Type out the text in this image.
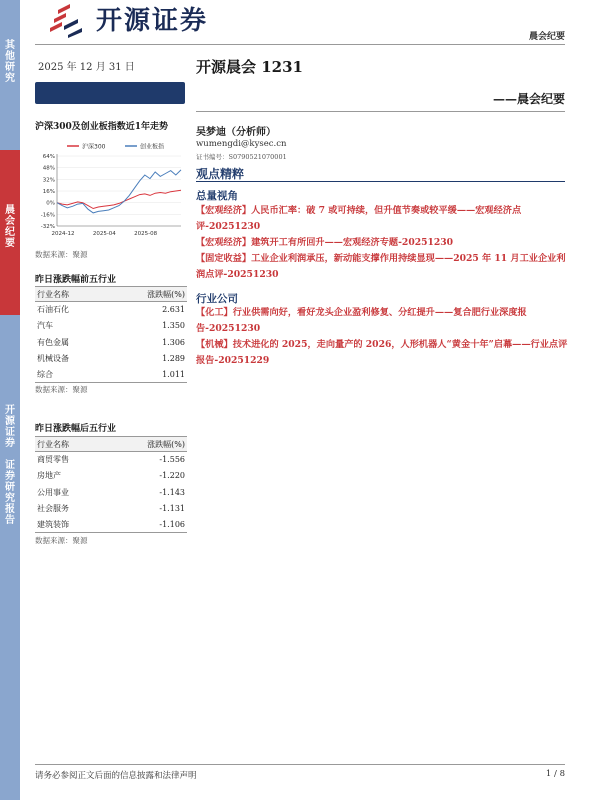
其
他
研
究
晨
会
纪
要
开
源
证
券

证
券
研
究
报
告
开源证券
晨会纪要
2025 年 12 月 31 日	开源晨会 1231
——晨会纪要
沪深300及创业板指数近1年走势
沪深300	创业板指
64%
48%
32%
16%
0%
-16%
-32%
2024-12	2025-04	2025-08
数据来源：聚源
昨日涨跌幅前五行业
行业名称	涨跌幅(%)
石油石化	2.631
汽车	1.350
有色金属	1.306
机械设备	1.289
综合	1.011
数据来源：聚源
昨日涨跌幅后五行业
行业名称	涨跌幅(%)
商贸零售	-1.556
房地产	-1.220
公用事业	-1.143
社会服务	-1.131
建筑装饰	-1.106
数据来源：聚源
吴梦迪（分析师）
wumengdi@kysec.cn
证书编号：S0790521070001
观点精粹
总量视角
【宏观经济】人民币汇率：破 7 或可持续，但升值节奏或较平缓——宏观经济点评-20251230
【宏观经济】建筑开工有所回升——宏观经济专题-20251230
【固定收益】工业企业利润承压，新动能支撑作用持续显现——2025 年 11 月工业企业利润点评-20251230
行业公司
【化工】行业供需向好，看好龙头企业盈利修复、分红提升——复合肥行业深度报告-20251230
【机械】技术进化的 2025，走向量产的 2026，人形机器人“黄金十年”启幕——行业点评报告-20251229
请务必参阅正文后面的信息披露和法律声明	1 / 8
